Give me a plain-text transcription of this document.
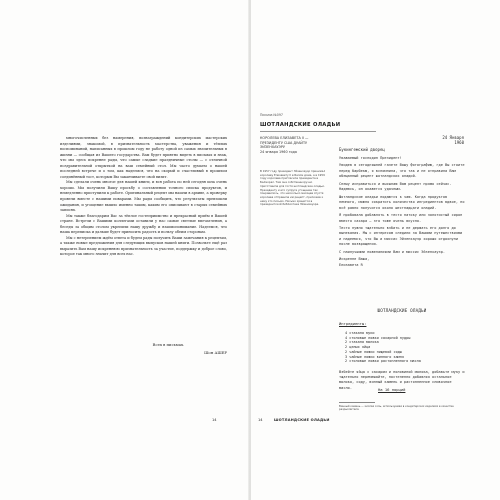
многочисленных без намерения, вознаграждений кондитерских мастерских изделиями, знакомой, в признательность мастерства, уважения и тёплых воспоминаний, написанных в прошлом году не работу одной из самых значительных в жизни — сообщая из Вашего государства. Вам будет приятно видеть в письмах и знак, что мы здесь искренне рады, что самые сладкие праздничные столы — с отличной поздравительной открыткой на ваш семейный стол. Мы часто думаем о нашей последней встрече и о том, как надеемся, что на скорый и счастливый в прошлом соединённый тост, которым Вы заканчиваете свой визит.

Мы сделали очень многое для нашей книги, и вся работа по ней сегодня шла очень хорошо. Мы получили Вашу просьбу о составлении точного списка продуктов, и немедленно приступили к работе. Оригинальный рецепт мы нашли в архиве, а проверку провели вместе с нашими поварами. Мы рады сообщить, что результаты превзошли ожидания, и угощение вышло именно таким, каким его описывают в старых семейных записях.

Мы также благодарим Вас за тёплое гостеприимство и прекрасный приём в Вашей стране. Встречи с Вашими коллегами оставили у нас самые светлые впечатления, а беседы за общим столом укрепили нашу дружбу и взаимопонимание. Надеемся, что наша переписка и дальше будет приносить радость и пользу обеим сторонам.

Мы с нетерпением ждём ответа и будем рады получить Ваши замечания к рецептам, а также новые предложения для следующих выпусков нашей книги. Позвольте ещё раз выразить Вам нашу искреннюю признательность за участие, поддержку и доброе слово, которое так много значит для всех нас.

Всех в письмах.
Шон АШЕР
14
Письма №097
ШОТЛАНДСКИЕ ОЛАДЬИ
КОРОЛЕВА ЕЛИЗАВЕТА II — ПРЕЗИДЕНТУ США ДУАЙТУ ЭЙЗЕНХАУЭРУ
24 января 1960 года
В 1957 году президент Эйзенхауэр принимал королеву Елизавету II в Белом доме, а в 1959 году королева пригласила президента в Балморал. Там она собственноручно приготовила для гостя шотландские оладьи. Президенту и его супруге угощение так понравилось, что несколько месяцев спустя королева отправила им рецепт, приложив к нему это письмо. Письмо хранится в президентской библиотеке Эйзенхауэра.
24 Января
1960
Букингемский дворец

Уважаемый господин Президент!

Увидев в сегодняшней газете Вашу фотографию, где Вы стоите перед барбекю, я вспомнила, что так и не отправила Вам обещанный рецепт шотландских оладий.

Спешу исправиться и высылаю Вам рецепт прямо сейчас. Надеюсь, он окажется удачным.

Шотландские оладьи подаются к чаю. Когда продуктов немного, можно сократить количество ингредиентов вдвое, но всё равно получится около шестнадцати оладий.

Я пробовала добавлять в тесто патоку или золотистый сироп вместо сахара — это тоже очень вкусно.

Тесто нужно тщательно взбить и не держать его долго до выпекания. Мы с интересом следили за Вашими путешествиями и надеемся, что Вы и миссис Эйзенхауэр хорошо отдохнули после возвращения.

С наилучшими пожеланиями Вам и миссис Эйзенхауэр.

Искренне Ваша,
Елизавета R
ШОТЛАНДСКИЕ ОЛАДЬИ
Ингредиенты:
4 стакана муки
4 столовые ложки сахарной пудры
2 стакана молока
2 целых яйца
2 чайные ложки пищевой соды
3 чайные ложки винного камня
2 столовые ложки растопленного масла
Взбейте яйца с сахаром и половиной молока, добавьте муку и тщательно перемешайте, постепенно добавляя остальное молоко, соду, винный камень и растопленное сливочное масло.	На 16 порций
Винный камень — кислая соль, используемая в кондитерских изделиях в качестве разрыхлителя.
14	ШОТЛАНДСКИЕ ОЛАДЬИ
